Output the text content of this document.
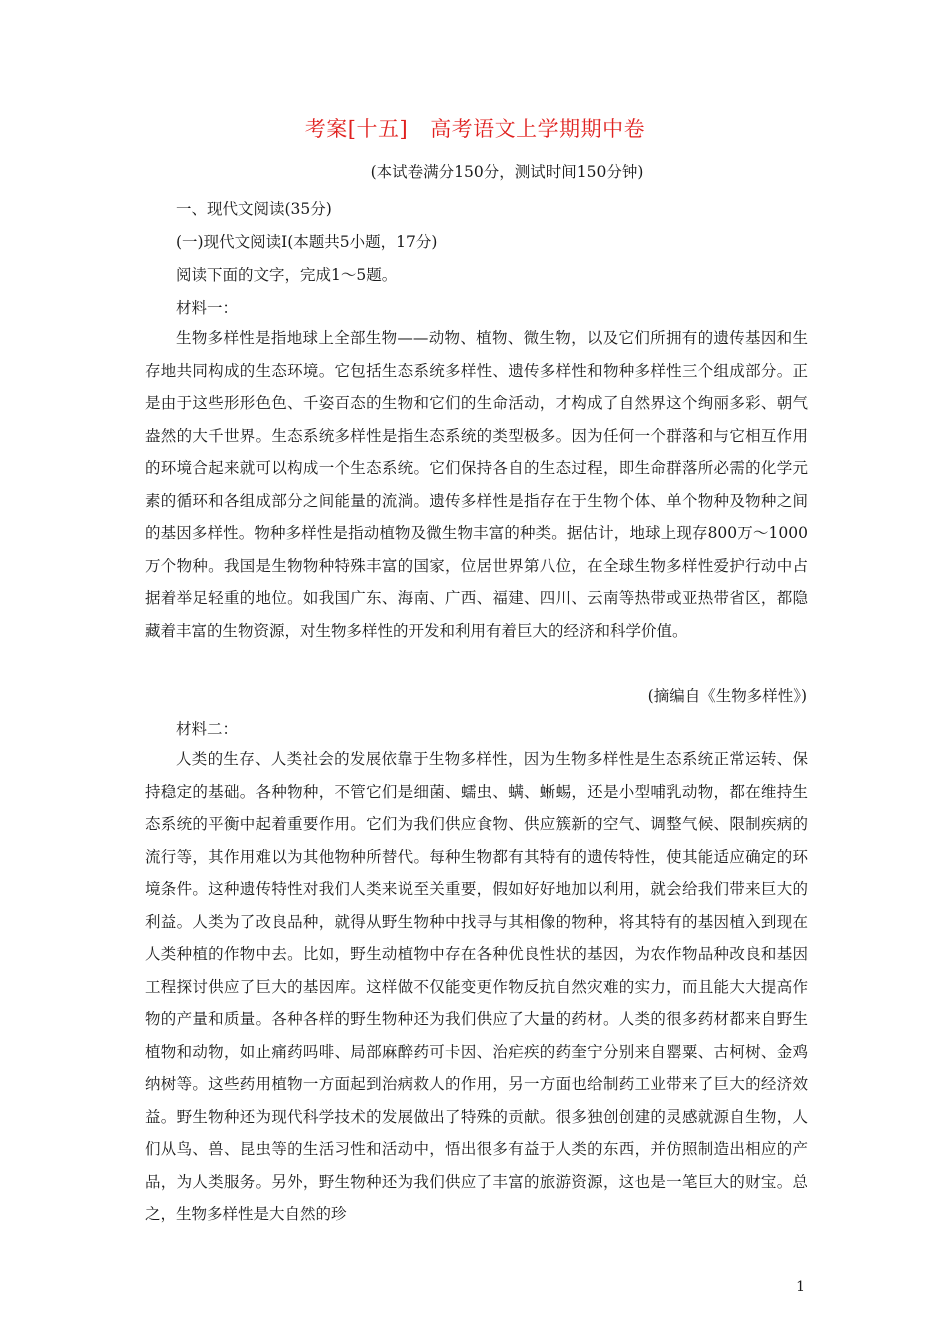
考案[十五] 高考语文上学期期中卷
(本试卷满分150分，测试时间150分钟)
一、现代文阅读(35分)
(一)现代文阅读Ⅰ(本题共5小题，17分)
阅读下面的文字，完成1～5题。
材料一：

生物多样性是指地球上全部生物——动物、植物、微生物，以及它们所拥有的遗传基因和生存地共同构成的生态环境。它包括生态系统多样性、遗传多样性和物种多样性三个组成部分。正是由于这些形形色色、千姿百态的生物和它们的生命活动，才构成了自然界这个绚丽多彩、朝气盎然的大千世界。生态系统多样性是指生态系统的类型极多。因为任何一个群落和与它相互作用的环境合起来就可以构成一个生态系统。它们保持各自的生态过程，即生命群落所必需的化学元素的循环和各组成部分之间能量的流淌。遗传多样性是指存在于生物个体、单个物种及物种之间的基因多样性。物种多样性是指动植物及微生物丰富的种类。据估计，地球上现存800万～1000万个物种。我国是生物物种特殊丰富的国家，位居世界第八位，在全球生物多样性爱护行动中占据着举足轻重的地位。如我国广东、海南、广西、福建、四川、云南等热带或亚热带省区，都隐藏着丰富的生物资源，对生物多样性的开发和利用有着巨大的经济和科学价值。

(摘编自《生物多样性》)
材料二：

人类的生存、人类社会的发展依靠于生物多样性，因为生物多样性是生态系统正常运转、保持稳定的基础。各种物种，不管它们是细菌、蠕虫、螨、蜥蜴，还是小型哺乳动物，都在维持生态系统的平衡中起着重要作用。它们为我们供应食物、供应簇新的空气、调整气候、限制疾病的流行等，其作用难以为其他物种所替代。每种生物都有其特有的遗传特性，使其能适应确定的环境条件。这种遗传特性对我们人类来说至关重要，假如好好地加以利用，就会给我们带来巨大的利益。人类为了改良品种，就得从野生物种中找寻与其相像的物种，将其特有的基因植入到现在人类种植的作物中去。比如，野生动植物中存在各种优良性状的基因，为农作物品种改良和基因工程探讨供应了巨大的基因库。这样做不仅能变更作物反抗自然灾难的实力，而且能大大提高作物的产量和质量。各种各样的野生物种还为我们供应了大量的药材。人类的很多药材都来自野生植物和动物，如止痛药吗啡、局部麻醉药可卡因、治疟疾的药奎宁分别来自罂粟、古柯树、金鸡纳树等。这些药用植物一方面起到治病救人的作用，另一方面也给制药工业带来了巨大的经济效益。野生物种还为现代科学技术的发展做出了特殊的贡献。很多独创创建的灵感就源自生物，人们从鸟、兽、昆虫等的生活习性和活动中，悟出很多有益于人类的东西，并仿照制造出相应的产品，为人类服务。另外，野生物种还为我们供应了丰富的旅游资源，这也是一笔巨大的财宝。总之，生物多样性是大自然的珍

1
